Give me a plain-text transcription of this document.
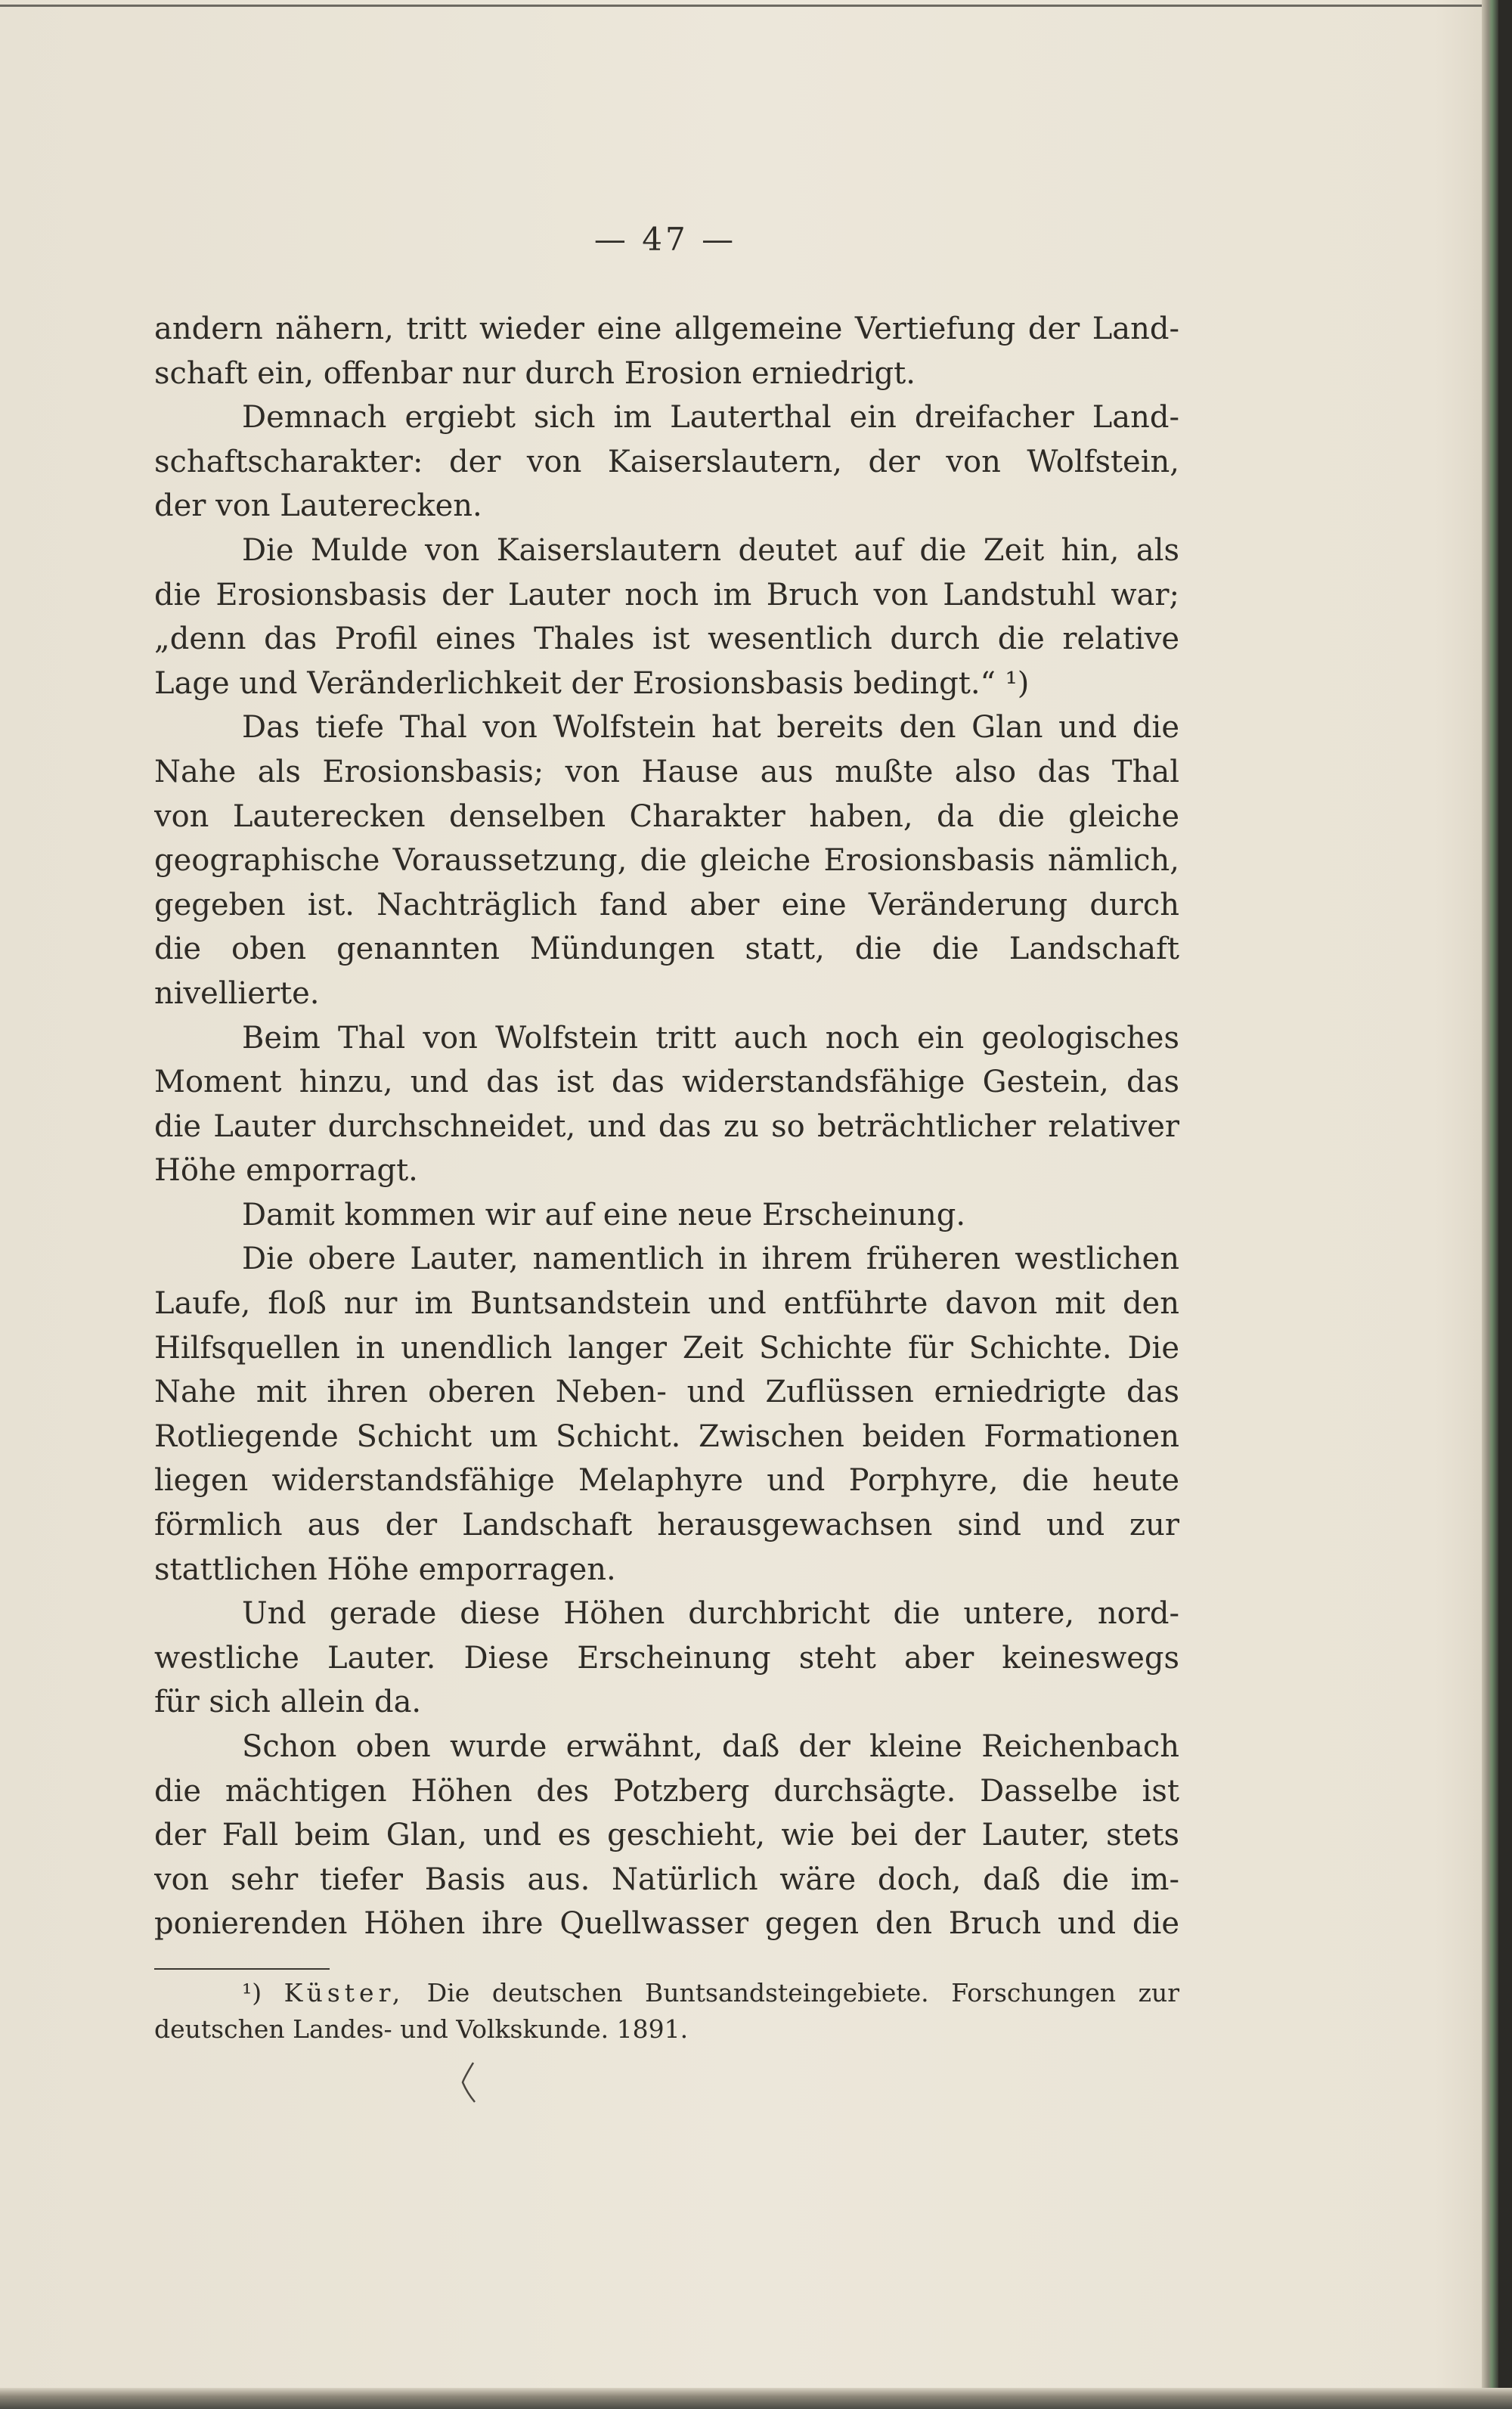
— 47 —
andern nähern, tritt wieder eine allgemeine Vertiefung der Land-
schaft ein, offenbar nur durch Erosion erniedrigt.
Demnach ergiebt sich im Lauterthal ein dreifacher Land-
schaftscharakter: der von Kaiserslautern, der von Wolfstein,
der von Lauterecken.
Die Mulde von Kaiserslautern deutet auf die Zeit hin, als
die Erosionsbasis der Lauter noch im Bruch von Landstuhl war;
„denn das Profil eines Thales ist wesentlich durch die relative
Lage und Veränderlichkeit der Erosionsbasis bedingt.“ ¹)
Das tiefe Thal von Wolfstein hat bereits den Glan und die
Nahe als Erosionsbasis; von Hause aus mußte also das Thal
von Lauterecken denselben Charakter haben, da die gleiche
geographische Voraussetzung, die gleiche Erosionsbasis nämlich,
gegeben ist. Nachträglich fand aber eine Veränderung durch
die oben genannten Mündungen statt, die die Landschaft
nivellierte.
Beim Thal von Wolfstein tritt auch noch ein geologisches
Moment hinzu, und das ist das widerstandsfähige Gestein, das
die Lauter durchschneidet, und das zu so beträchtlicher relativer
Höhe emporragt.
Damit kommen wir auf eine neue Erscheinung.
Die obere Lauter, namentlich in ihrem früheren westlichen
Laufe, floß nur im Buntsandstein und entführte davon mit den
Hilfsquellen in unendlich langer Zeit Schichte für Schichte. Die
Nahe mit ihren oberen Neben- und Zuflüssen erniedrigte das
Rotliegende Schicht um Schicht. Zwischen beiden Formationen
liegen widerstandsfähige Melaphyre und Porphyre, die heute
förmlich aus der Landschaft herausgewachsen sind und zur
stattlichen Höhe emporragen.
Und gerade diese Höhen durchbricht die untere, nord-
westliche Lauter. Diese Erscheinung steht aber keineswegs
für sich allein da.
Schon oben wurde erwähnt, daß der kleine Reichenbach
die mächtigen Höhen des Potzberg durchsägte. Dasselbe ist
der Fall beim Glan, und es geschieht, wie bei der Lauter, stets
von sehr tiefer Basis aus. Natürlich wäre doch, daß die im-
ponierenden Höhen ihre Quellwasser gegen den Bruch und die
¹) Küster, Die deutschen Buntsandsteingebiete. Forschungen zur
deutschen Landes- und Volkskunde. 1891.
